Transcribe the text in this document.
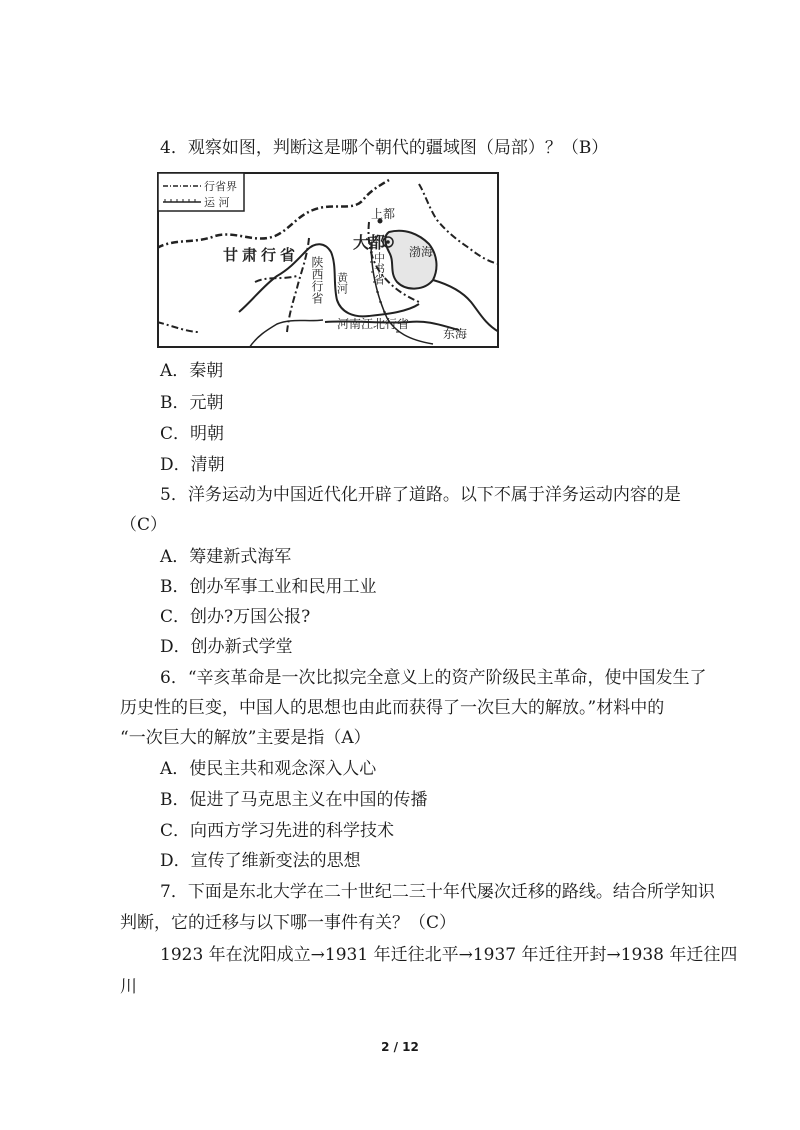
4．观察如图，判断这是哪个朝代的疆域图（局部）？（B）
行省界
运 河
甘肃行省
上都
大都 渤海
河南江北行省
东海
陕西行省 黄河 中书省
A．秦朝
B．元朝
C．明朝
D．清朝
5．洋务运动为中国近代化开辟了道路。以下不属于洋务运动内容的是
（C）
A．筹建新式海军
B．创办军事工业和民用工业
C．创办?万国公报?
D．创办新式学堂
6．“辛亥革命是一次比拟完全意义上的资产阶级民主革命，使中国发生了
历史性的巨变，中国人的思想也由此而获得了一次巨大的解放。”材料中的
“一次巨大的解放”主要是指（A）
A．使民主共和观念深入人心
B．促进了马克思主义在中国的传播
C．向西方学习先进的科学技术
D．宣传了维新变法的思想
7．下面是东北大学在二十世纪二三十年代屡次迁移的路线。结合所学知识
判断，它的迁移与以下哪一事件有关？（C）
1923 年在沈阳成立→1931 年迁往北平→1937 年迁往开封→1938 年迁往四
川
2 / 12
